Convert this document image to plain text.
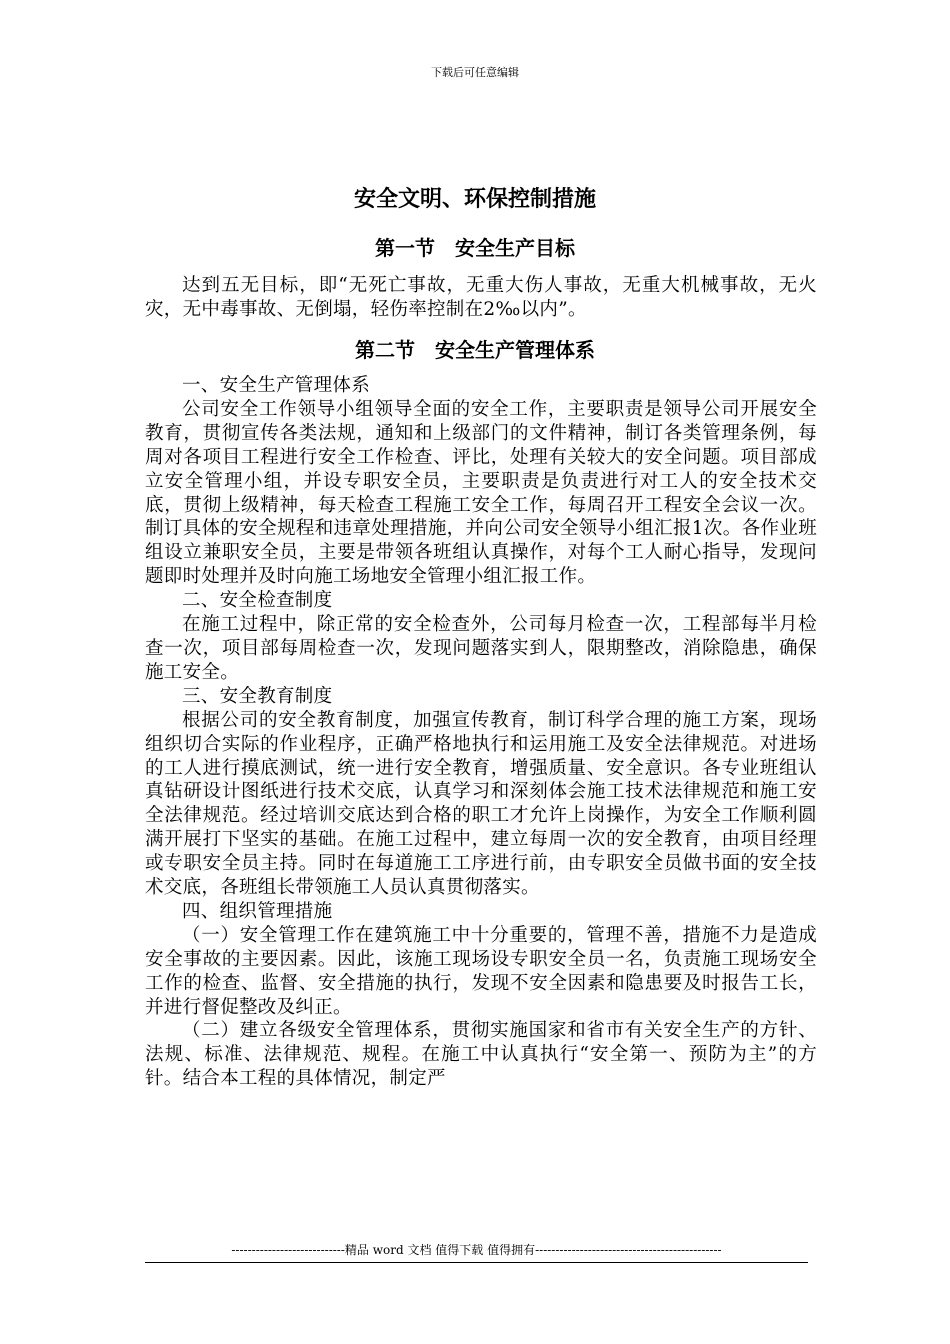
下载后可任意编辑
安全文明、环保控制措施
第一节　安全生产目标

达到五无目标，即“无死亡事故，无重大伤人事故，无重大机械事故，无火灾，无中毒事故、无倒塌，轻伤率控制在2‰以内”。

第二节　安全生产管理体系

一、安全生产管理体系

公司安全工作领导小组领导全面的安全工作，主要职责是领导公司开展安全教育，贯彻宣传各类法规，通知和上级部门的文件精神，制订各类管理条例，每周对各项目工程进行安全工作检查、评比，处理有关较大的安全问题。项目部成立安全管理小组，并设专职安全员，主要职责是负责进行对工人的安全技术交底，贯彻上级精神，每天检查工程施工安全工作，每周召开工程安全会议一次。制订具体的安全规程和违章处理措施，并向公司安全领导小组汇报1次。各作业班组设立兼职安全员，主要是带领各班组认真操作，对每个工人耐心指导，发现问题即时处理并及时向施工场地安全管理小组汇报工作。

二、安全检查制度

在施工过程中，除正常的安全检查外，公司每月检查一次，工程部每半月检查一次，项目部每周检查一次，发现问题落实到人，限期整改，消除隐患，确保施工安全。

三、安全教育制度

根据公司的安全教育制度，加强宣传教育，制订科学合理的施工方案，现场组织切合实际的作业程序，正确严格地执行和运用施工及安全法律规范。对进场的工人进行摸底测试，统一进行安全教育，增强质量、安全意识。各专业班组认真钻研设计图纸进行技术交底，认真学习和深刻体会施工技术法律规范和施工安全法律规范。经过培训交底达到合格的职工才允许上岗操作，为安全工作顺利圆满开展打下坚实的基础。在施工过程中，建立每周一次的安全教育，由项目经理或专职安全员主持。同时在每道施工工序进行前，由专职安全员做书面的安全技术交底，各班组长带领施工人员认真贯彻落实。

四、组织管理措施

（一）安全管理工作在建筑施工中十分重要的，管理不善，措施不力是造成安全事故的主要因素。因此，该施工现场设专职安全员一名，负责施工现场安全工作的检查、监督、安全措施的执行，发现不安全因素和隐患要及时报告工长，并进行督促整改及纠正。

（二）建立各级安全管理体系，贯彻实施国家和省市有关安全生产的方针、法规、标准、法律规范、规程。在施工中认真执行“安全第一、预防为主”的方针。结合本工程的具体情况，制定严

----------------------------精品 word 文档 值得下载 值得拥有----------------------------------------------
